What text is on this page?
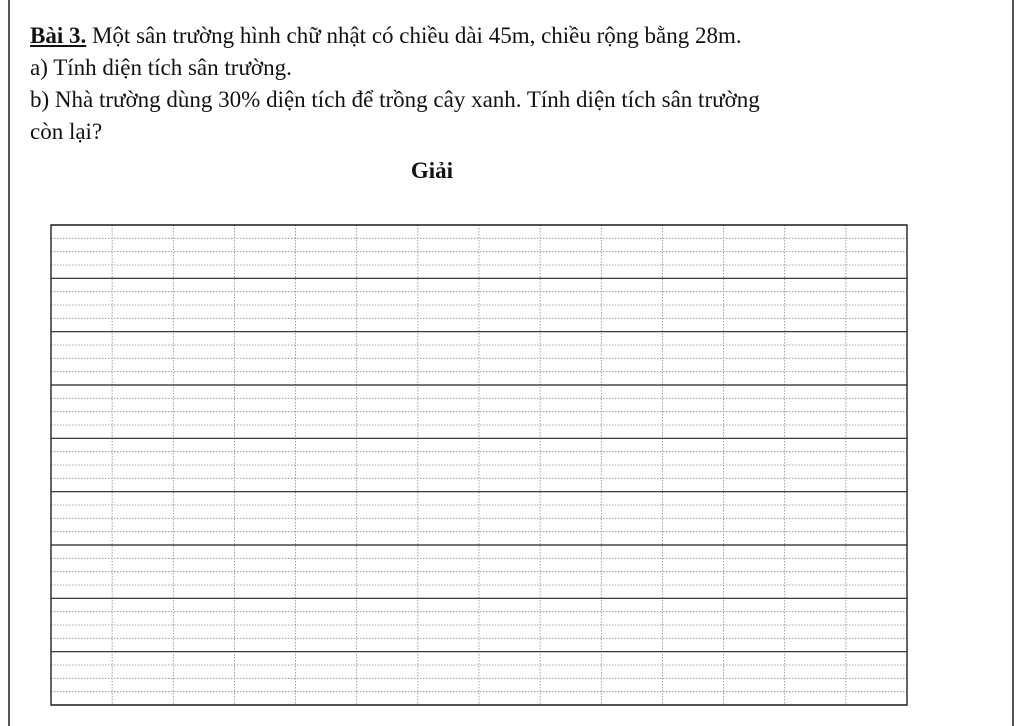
Bài 3. Một sân trường hình chữ nhật có chiều dài 45m, chiều rộng bằng 28m.

a) Tính diện tích sân trường.

b) Nhà trường dùng 30% diện tích để trồng cây xanh. Tính diện tích sân trường

còn lại?

Giải
